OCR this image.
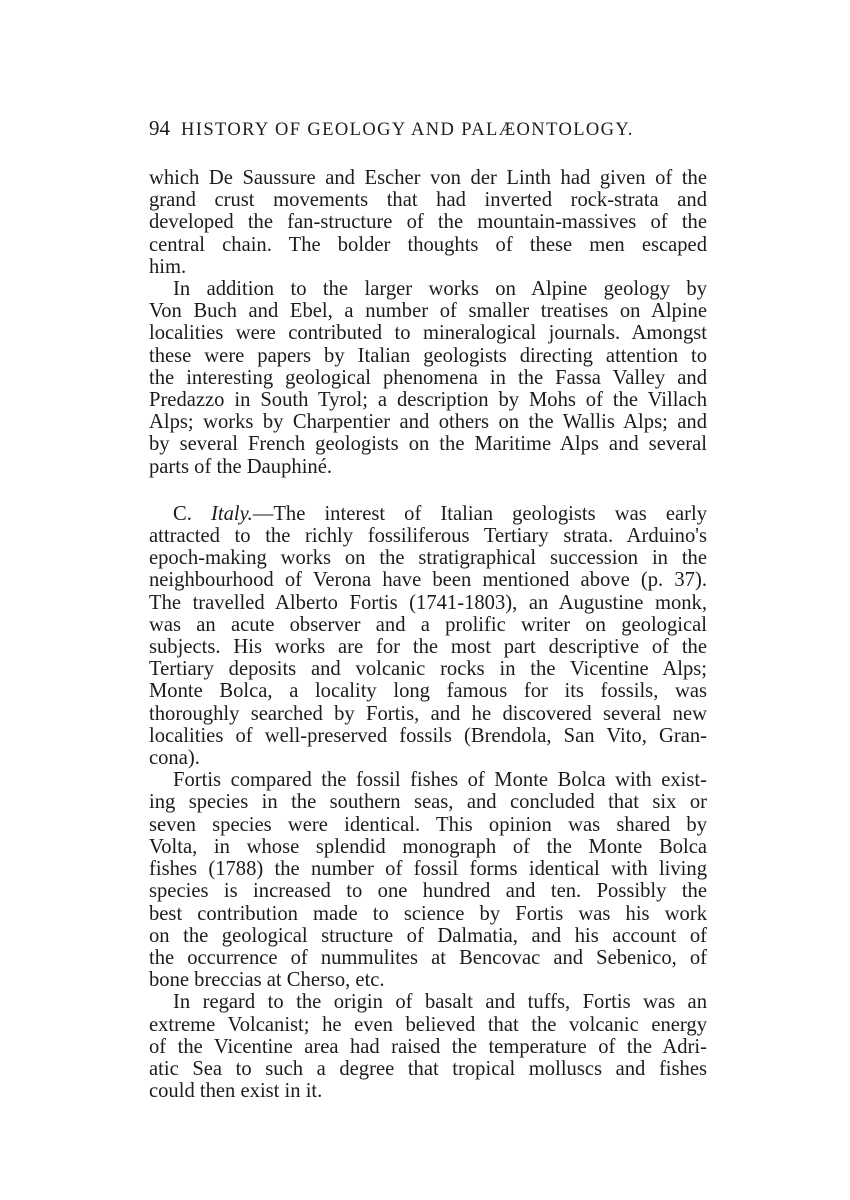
94 HISTORY OF GEOLOGY AND PALÆONTOLOGY.
which De Saussure and Escher von der Linth had given of the
grand crust movements that had inverted rock-strata and
developed the fan-structure of the mountain-massives of the
central chain. The bolder thoughts of these men escaped
him.
In addition to the larger works on Alpine geology by
Von Buch and Ebel, a number of smaller treatises on Alpine
localities were contributed to mineralogical journals. Amongst
these were papers by Italian geologists directing attention to
the interesting geological phenomena in the Fassa Valley and
Predazzo in South Tyrol; a description by Mohs of the Villach
Alps; works by Charpentier and others on the Wallis Alps; and
by several French geologists on the Maritime Alps and several
parts of the Dauphiné.
C. Italy.—The interest of Italian geologists was early
attracted to the richly fossiliferous Tertiary strata. Arduino's
epoch-making works on the stratigraphical succession in the
neighbourhood of Verona have been mentioned above (p. 37).
The travelled Alberto Fortis (1741-1803), an Augustine monk,
was an acute observer and a prolific writer on geological
subjects. His works are for the most part descriptive of the
Tertiary deposits and volcanic rocks in the Vicentine Alps;
Monte Bolca, a locality long famous for its fossils, was
thoroughly searched by Fortis, and he discovered several new
localities of well-preserved fossils (Brendola, San Vito, Gran-
cona).
Fortis compared the fossil fishes of Monte Bolca with exist-
ing species in the southern seas, and concluded that six or
seven species were identical. This opinion was shared by
Volta, in whose splendid monograph of the Monte Bolca
fishes (1788) the number of fossil forms identical with living
species is increased to one hundred and ten. Possibly the
best contribution made to science by Fortis was his work
on the geological structure of Dalmatia, and his account of
the occurrence of nummulites at Bencovac and Sebenico, of
bone breccias at Cherso, etc.
In regard to the origin of basalt and tuffs, Fortis was an
extreme Volcanist; he even believed that the volcanic energy
of the Vicentine area had raised the temperature of the Adri-
atic Sea to such a degree that tropical molluscs and fishes
could then exist in it.
